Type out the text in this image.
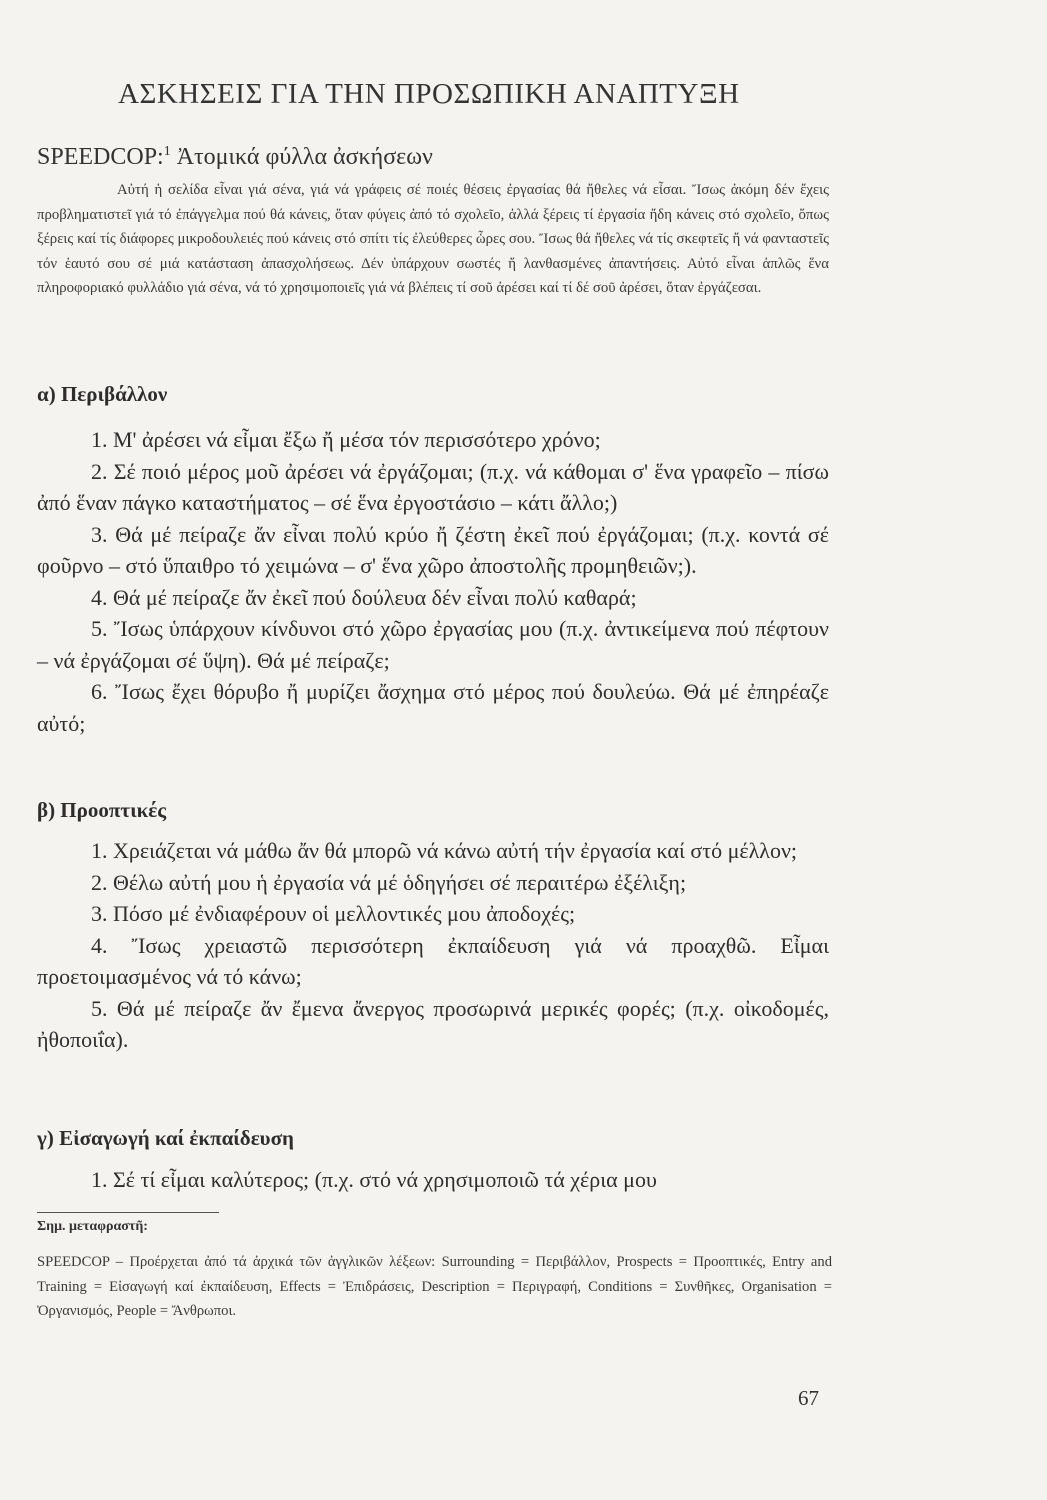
ΑΣΚΗΣΕΙΣ ΓΙΑ ΤΗΝ ΠΡΟΣΩΠΙΚΗ ΑΝΑΠΤΥΞΗ
SPEEDCOP:$^1$ Ἀτομικά φύλλα ἀσκήσεων
Αὐτή ἡ σελίδα εἶναι γιά σένα, γιά νά γράφεις σέ ποιές θέσεις ἐργασίας θά ἤθελες νά εἶσαι. Ἴσως ἀκόμη δέν ἔχεις προβληματιστεῖ γιά τό ἐπάγγελμα πού θά κάνεις, ὅταν φύγεις ἀπό τό σχολεῖο, ἀλλά ξέρεις τί ἐργασία ἤδη κάνεις στό σχολεῖο, ὅπως ξέρεις καί τίς διάφορες μικροδουλειές πού κάνεις στό σπίτι τίς ἐλεύθερες ὧρες σου. Ἴσως θά ἤθελες νά τίς σκεφτεῖς ἤ νά φανταστεῖς τόν ἑαυτό σου σέ μιά κατάσταση ἀπασχολήσεως. Δέν ὑπάρχουν σωστές ἤ λανθασμένες ἀπαντήσεις. Αὐτό εἶναι ἁπλῶς ἕνα πληροφοριακό φυλλάδιο γιά σένα, νά τό χρησιμοποιεῖς γιά νά βλέπεις τί σοῦ ἀρέσει καί τί δέ σοῦ ἀρέσει, ὅταν ἐργάζεσαι.
α) Περιβάλλον
1. Μ' ἀρέσει νά εἶμαι ἔξω ἤ μέσα τόν περισσότερο χρόνο;
2. Σέ ποιό μέρος μοῦ ἀρέσει νά ἐργάζομαι; (π.χ. νά κάθομαι σ' ἕνα γραφεῖο – πίσω ἀπό ἕναν πάγκο καταστήματος – σέ ἕνα ἐργοστάσιο – κάτι ἄλλο;)
3. Θά μέ πείραζε ἄν εἶναι πολύ κρύο ἤ ζέστη ἐκεῖ πού ἐργάζομαι; (π.χ. κοντά σέ φοῦρνο – στό ὕπαιθρο τό χειμώνα – σ' ἕνα χῶρο ἀποστολῆς προμηθειῶν;).
4. Θά μέ πείραζε ἄν ἐκεῖ πού δούλευα δέν εἶναι πολύ καθαρά;
5. Ἴσως ὑπάρχουν κίνδυνοι στό χῶρο ἐργασίας μου (π.χ. ἀντικείμενα πού πέφτουν – νά ἐργάζομαι σέ ὕψη). Θά μέ πείραζε;
6. Ἴσως ἔχει θόρυβο ἤ μυρίζει ἄσχημα στό μέρος πού δουλεύω. Θά μέ ἐπηρέαζε αὐτό;
β) Προοπτικές
1. Χρειάζεται νά μάθω ἄν θά μπορῶ νά κάνω αὐτή τήν ἐργασία καί στό μέλλον;
2. Θέλω αὐτή μου ἡ ἐργασία νά μέ ὁδηγήσει σέ περαιτέρω ἐξέλιξη;
3. Πόσο μέ ἐνδιαφέρουν οἱ μελλοντικές μου ἀποδοχές;
4. Ἴσως χρειαστῶ περισσότερη ἐκπαίδευση γιά νά προαχθῶ. Εἶμαι προετοιμασμένος νά τό κάνω;
5. Θά μέ πείραζε ἄν ἔμενα ἄνεργος προσωρινά μερικές φορές; (π.χ. οἰκοδομές, ἠθοποιΐα).
γ) Εἰσαγωγή καί ἐκπαίδευση
1. Σέ τί εἶμαι καλύτερος; (π.χ. στό νά χρησιμοποιῶ τά χέρια μου
Σημ. μεταφραστῆ:
SPEEDCOP – Προέρχεται ἀπό τά ἀρχικά τῶν ἀγγλικῶν λέξεων: Surrounding = Περιβάλλον, Prospects = Προοπτικές, Entry and Training = Εἰσαγωγή καί ἐκπαίδευση, Effects = Ἐπιδράσεις, Description = Περιγραφή, Conditions = Συνθῆκες, Organisation = Ὀργανισμός, People = Ἄνθρωποι.
67
